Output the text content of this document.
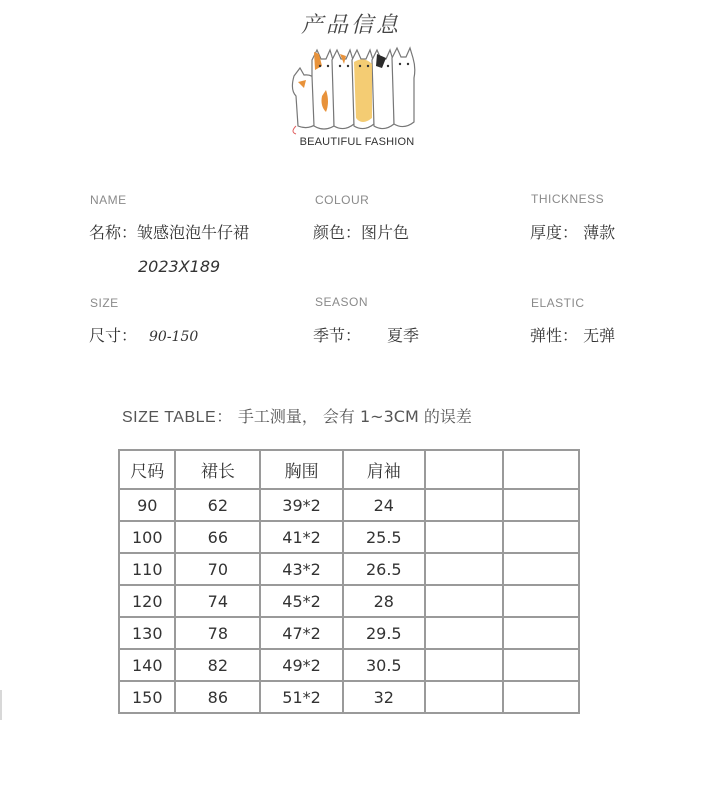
产品信息
BEAUTIFUL FASHION
NAME	COLOUR	THICKNESS
名称：皱感泡泡牛仔裙
2023X189
颜色：图片色	厚度： 薄款
SIZE	SEASON	ELASTIC
尺寸： 90-150	季节： 夏季	弹性： 无弹
SIZE TABLE： 手工测量， 会有 1~3CM 的误差
尺码	裙长	胸围	肩袖		
90	62	39*2	24		
100	66	41*2	25.5		
110	70	43*2	26.5		
120	74	45*2	28		
130	78	47*2	29.5		
140	82	49*2	30.5		
150	86	51*2	32		
